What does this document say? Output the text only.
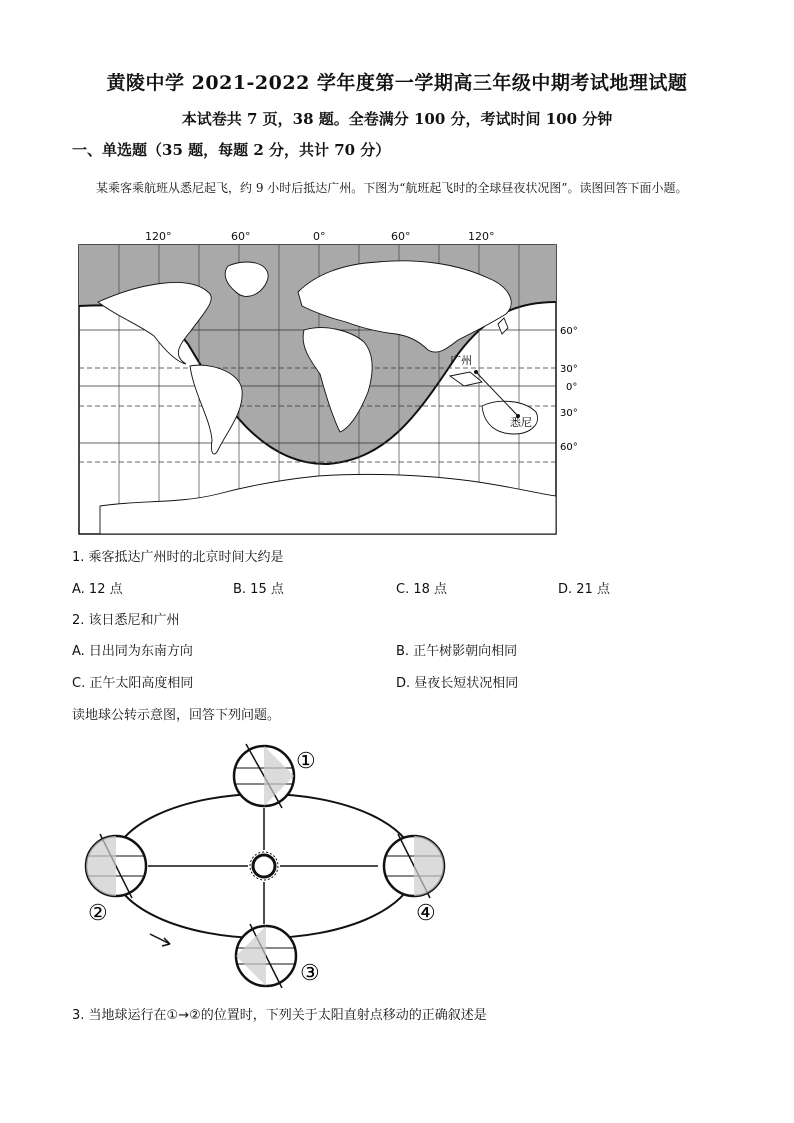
黄陵中学 2021-2022 学年度第一学期高三年级中期考试地理试题
本试卷共 7 页，38 题。全卷满分 100 分，考试时间 100 分钟
一、单选题（35 题，每题 2 分，共计 70 分）
某乘客乘航班从悉尼起飞，约 9 小时后抵达广州。下图为“航班起飞时的全球昼夜状况图”。读图回答下面小题。
广州
悉尼
60°
30°
0°
30°
60°
120°	60°	0°	60°	120°
1. 乘客抵达广州时的北京时间大约是
A. 12 点	B. 15 点	C. 18 点	D. 21 点
2. 该日悉尼和广州
A. 日出同为东南方向	B. 正午树影朝向相同
C. 正午太阳高度相同	D. 昼夜长短状况相同
读地球公转示意图，回答下列问题。
①
②
③
④
3. 当地球运行在①→②的位置时，下列关于太阳直射点移动的正确叙述是
